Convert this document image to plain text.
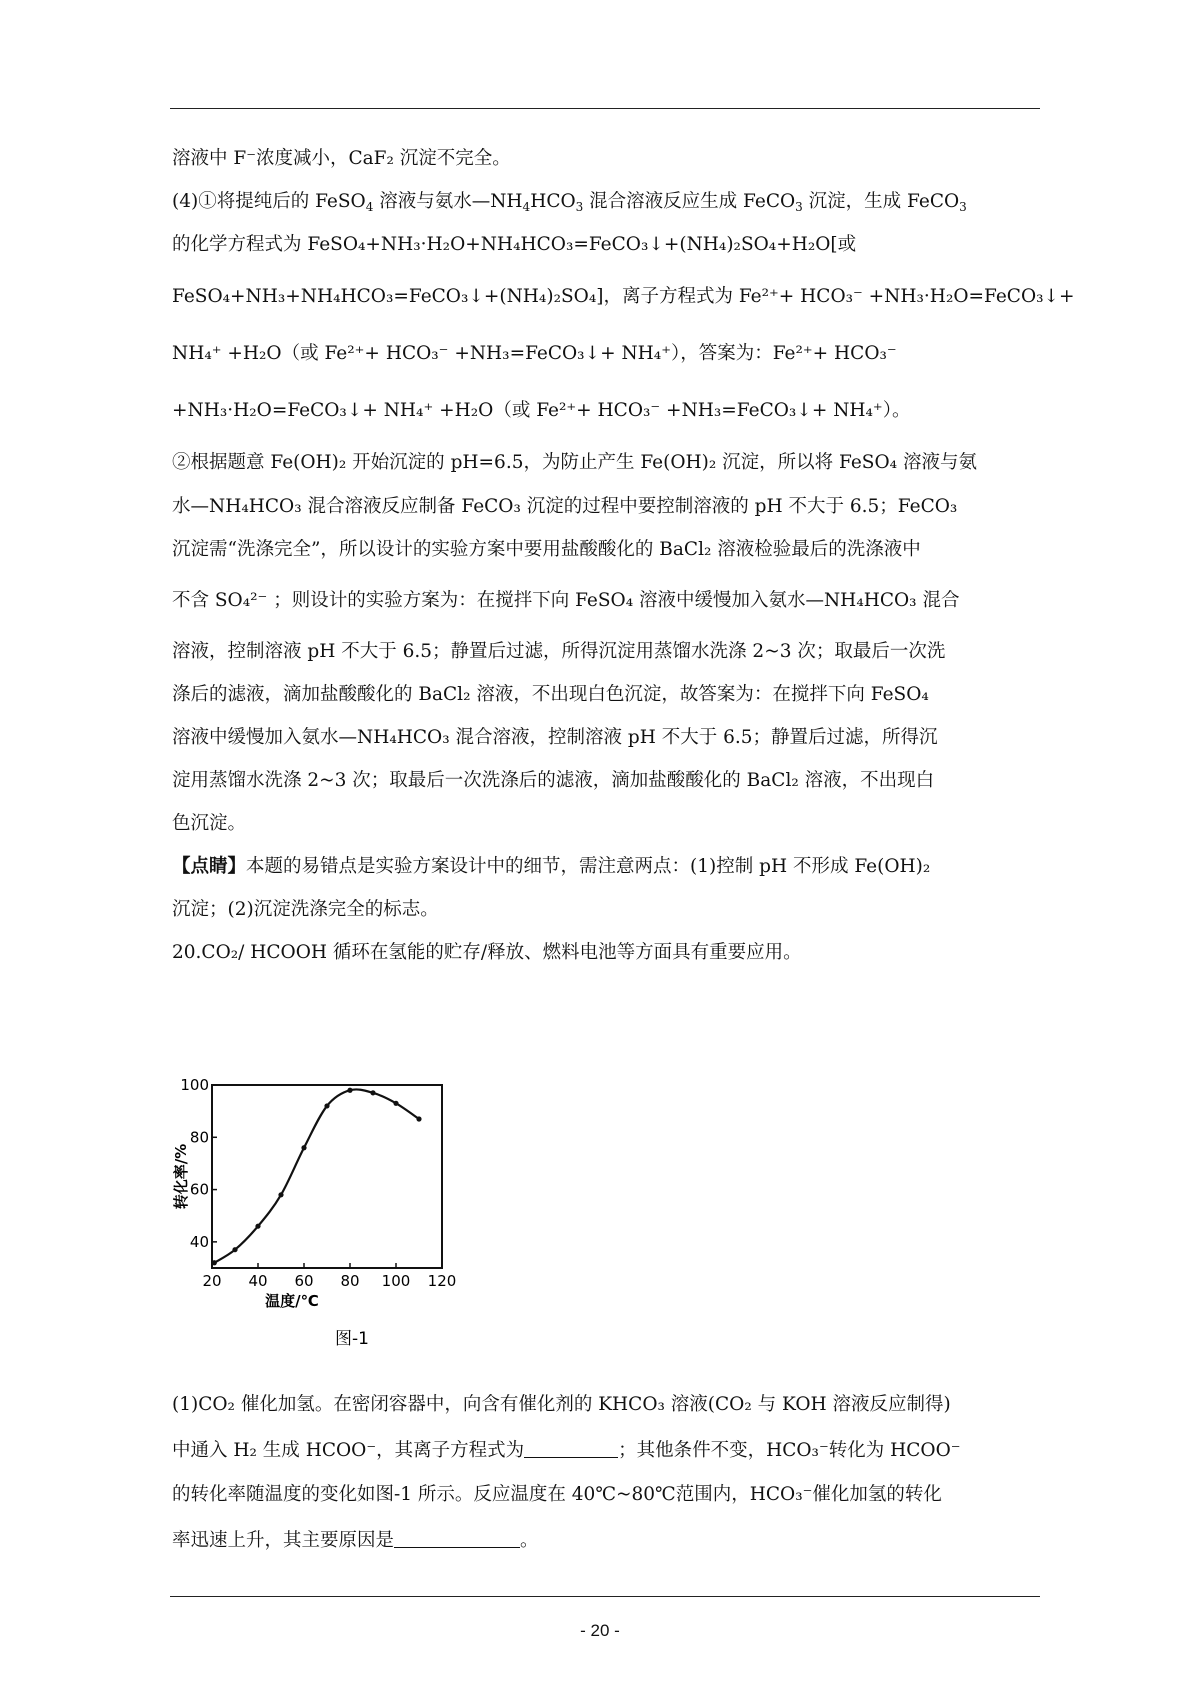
溶液中 F⁻浓度减小，CaF₂ 沉淀不完全。
(4)①将提纯后的 FeSO$_4$ 溶液与氨水$—NH_4HCO_3$ 混合溶液反应生成 FeCO$_3$ 沉淀，生成 FeCO$_3$
的化学方程式为 FeSO₄+NH₃·H₂O+NH₄HCO₃=FeCO₃↓+(NH₄)₂SO₄+H₂O[或
FeSO₄+NH₃+NH₄HCO₃=FeCO₃↓+(NH₄)₂SO₄]，离子方程式为 Fe²⁺+ HCO₃⁻ +NH₃·H₂O=FeCO₃↓+
NH₄⁺ +H₂O（或 Fe²⁺+ HCO₃⁻ +NH₃=FeCO₃↓+ NH₄⁺），答案为：Fe²⁺+ HCO₃⁻
+NH₃·H₂O=FeCO₃↓+ NH₄⁺ +H₂O（或 Fe²⁺+ HCO₃⁻ +NH₃=FeCO₃↓+ NH₄⁺）。
②根据题意 Fe(OH)₂ 开始沉淀的 pH=6.5，为防止产生 Fe(OH)₂ 沉淀，所以将 FeSO₄ 溶液与氨
水—NH₄HCO₃ 混合溶液反应制备 FeCO₃ 沉淀的过程中要控制溶液的 pH 不大于 6.5；FeCO₃
沉淀需“洗涤完全”，所以设计的实验方案中要用盐酸酸化的 BaCl₂ 溶液检验最后的洗涤液中
不含 SO₄²⁻ ；则设计的实验方案为：在搅拌下向 FeSO₄ 溶液中缓慢加入氨水—NH₄HCO₃ 混合
溶液，控制溶液 pH 不大于 6.5；静置后过滤，所得沉淀用蒸馏水洗涤 2~3 次；取最后一次洗
涤后的滤液，滴加盐酸酸化的 BaCl₂ 溶液，不出现白色沉淀，故答案为：在搅拌下向 FeSO₄
溶液中缓慢加入氨水—NH₄HCO₃ 混合溶液，控制溶液 pH 不大于 6.5；静置后过滤，所得沉
淀用蒸馏水洗涤 2~3 次；取最后一次洗涤后的滤液，滴加盐酸酸化的 BaCl₂ 溶液，不出现白
色沉淀。
【点睛】本题的易错点是实验方案设计中的细节，需注意两点：(1)控制 pH 不形成 Fe(OH)₂
沉淀；(2)沉淀洗涤完全的标志。
20.CO₂/ HCOOH 循环在氢能的贮存/释放、燃料电池等方面具有重要应用。
20 40 60 80 100 120
40
60
80
100
温度/℃
转化率/%
图-1
(1)CO₂ 催化加氢。在密闭容器中，向含有催化剂的 KHCO₃ 溶液(CO₂ 与 KOH 溶液反应制得)
中通入 H₂ 生成 HCOO⁻，其离子方程式为	；其他条件不变，HCO₃⁻转化为 HCOO⁻
的转化率随温度的变化如图-1 所示。反应温度在 40℃~80℃范围内，HCO₃⁻催化加氢的转化
率迅速上升，其主要原因是	。
- 20 -
